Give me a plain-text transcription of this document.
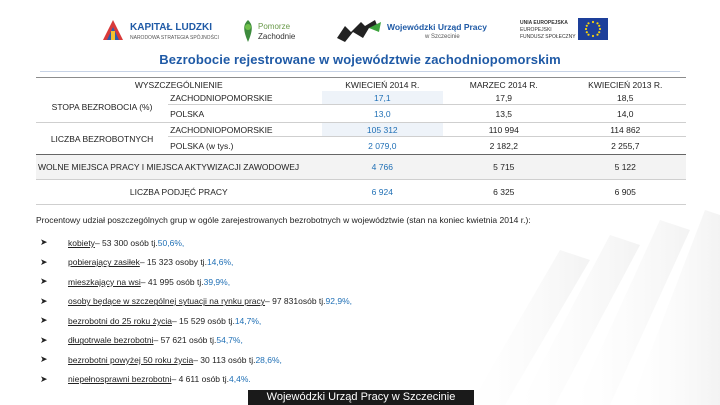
KAPITAŁ LUDZKI
NARODOWA STRATEGIA SPÓJNOŚCI
Pomorze
Zachodnie
Wojewódzki Urząd Pracy
w Szczecinie
UNIA EUROPEJSKA
EUROPEJSKI
FUNDUSZ SPOŁECZNY
Bezrobocie rejestrowane w województwie zachodniopomorskim
WYSZCZEGÓLNIENIE		KWIECIEŃ 2014 R.	MARZEC 2014 R.	KWIECIEŃ 2013 R.
STOPA BEZROBOCIA (%)	ZACHODNIOPOMORSKIE	17,1	17,9	18,5
	POLSKA	13,0	13,5	14,0
LICZBA BEZROBOTNYCH	ZACHODNIOPOMORSKIE	105 312	110 994	114 862
	POLSKA (w tys.)	2 079,0	2 182,2	2 255,7
WOLNE MIEJSCA PRACY I MIEJSCA AKTYWIZACJI ZAWODOWEJ		4 766	5 715	5 122
LICZBA PODJĘĆ PRACY		6 924	6 325	6 905
Procentowy udział poszczególnych grup w ogóle zarejestrowanych bezrobotnych w województwie (stan na koniec kwietnia 2014 r.):
➤	kobiety – 53 300 osób tj. 50,6%,
➤	pobierający zasiłek – 15 323 osoby tj. 14,6%,
➤	mieszkający na wsi – 41 995 osób tj. 39,9%,
➤	osoby będące w szczególnej sytuacji na rynku pracy – 97 831osób tj. 92,9%,
➤	bezrobotni do 25 roku życia – 15 529 osób tj. 14,7%,
➤	długotrwale bezrobotni – 57 621 osób tj. 54,7%,
➤	bezrobotni powyżej 50 roku życia – 30 113 osób tj. 28,6%,
➤	niepełnosprawni bezrobotni – 4 611 osób tj. 4,4%.
Wojewódzki Urząd Pracy w Szczecinie
